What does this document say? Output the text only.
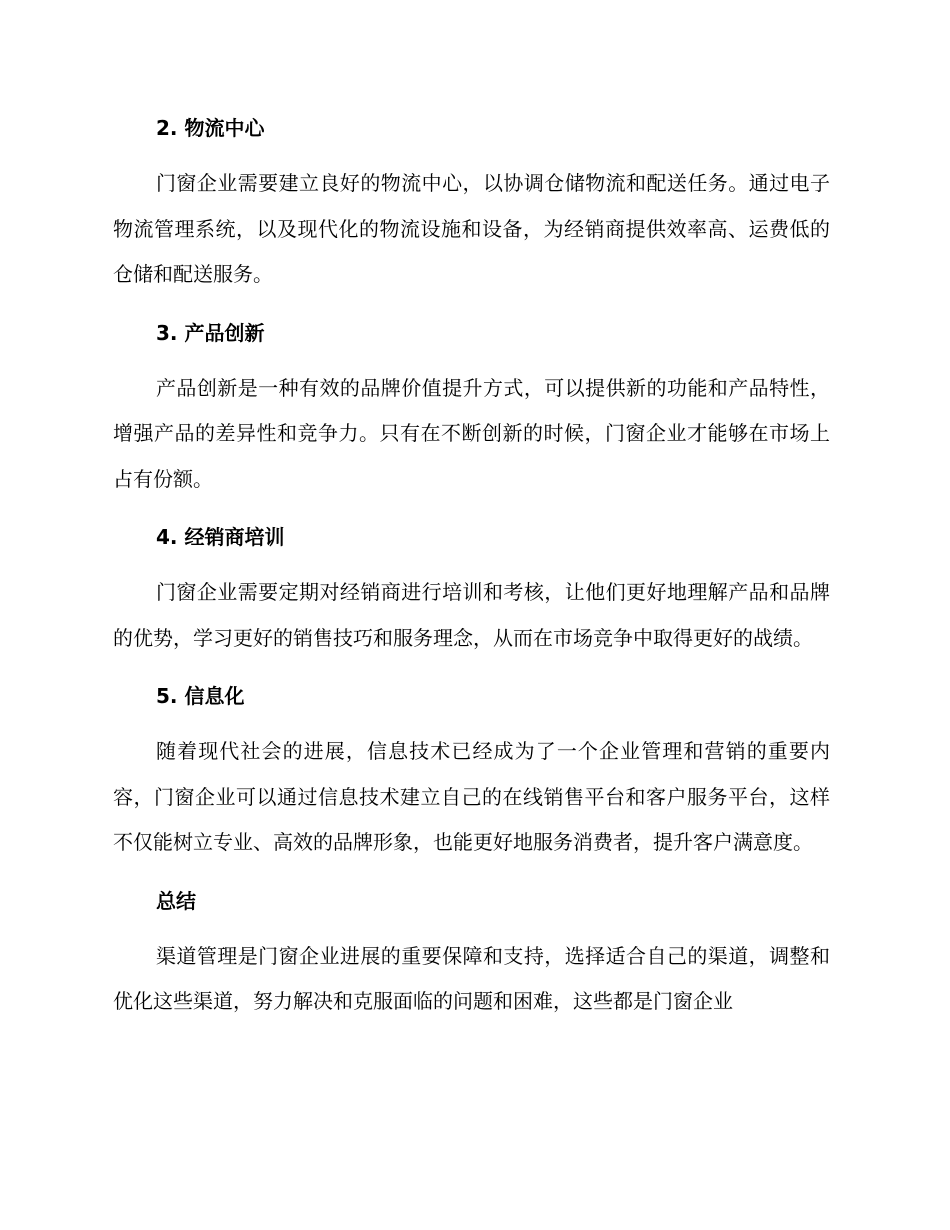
2. 物流中心

门窗企业需要建立良好的物流中心，以协调仓储物流和配送任务。通过电子物流管理系统，以及现代化的物流设施和设备，为经销商提供效率高、运费低的仓储和配送服务。

3. 产品创新

产品创新是一种有效的品牌价值提升方式，可以提供新的功能和产品特性，增强产品的差异性和竞争力。只有在不断创新的时候，门窗企业才能够在市场上占有份额。

4. 经销商培训

门窗企业需要定期对经销商进行培训和考核，让他们更好地理解产品和品牌的优势，学习更好的销售技巧和服务理念，从而在市场竞争中取得更好的战绩。

5. 信息化

随着现代社会的进展，信息技术已经成为了一个企业管理和营销的重要内容，门窗企业可以通过信息技术建立自己的在线销售平台和客户服务平台，这样不仅能树立专业、高效的品牌形象，也能更好地服务消费者，提升客户满意度。

总结

渠道管理是门窗企业进展的重要保障和支持，选择适合自己的渠道，调整和优化这些渠道，努力解决和克服面临的问题和困难，这些都是门窗企业
